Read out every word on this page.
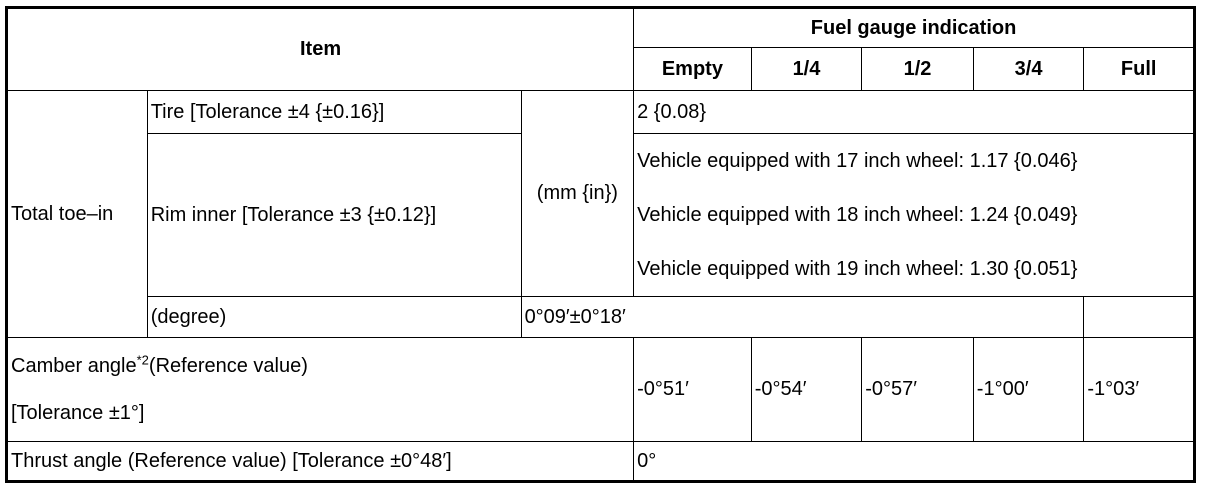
Item			Fuel gauge indication				
			Empty	1/4	1/2	3/4	Full
Total toe–in	Tire [Tolerance ±4 {±0.16}]	(mm {in})	2 {0.08}				
	Rim inner [Tolerance ±3 {±0.12}]		Vehicle equipped with 17 inch wheel: 1.17 {0.046}
Vehicle equipped with 18 inch wheel: 1.24 {0.049}
Vehicle equipped with 19 inch wheel: 1.30 {0.051}				

	(degree)	0°09′±0°18′					

Camber angle$^{*2}$(Reference value)
[Tolerance ±1°]			-0°51′	-0°54′	-0°57′	-1°00′	-1°03′
Thrust angle (Reference value) [Tolerance ±0°48′]			0°				
